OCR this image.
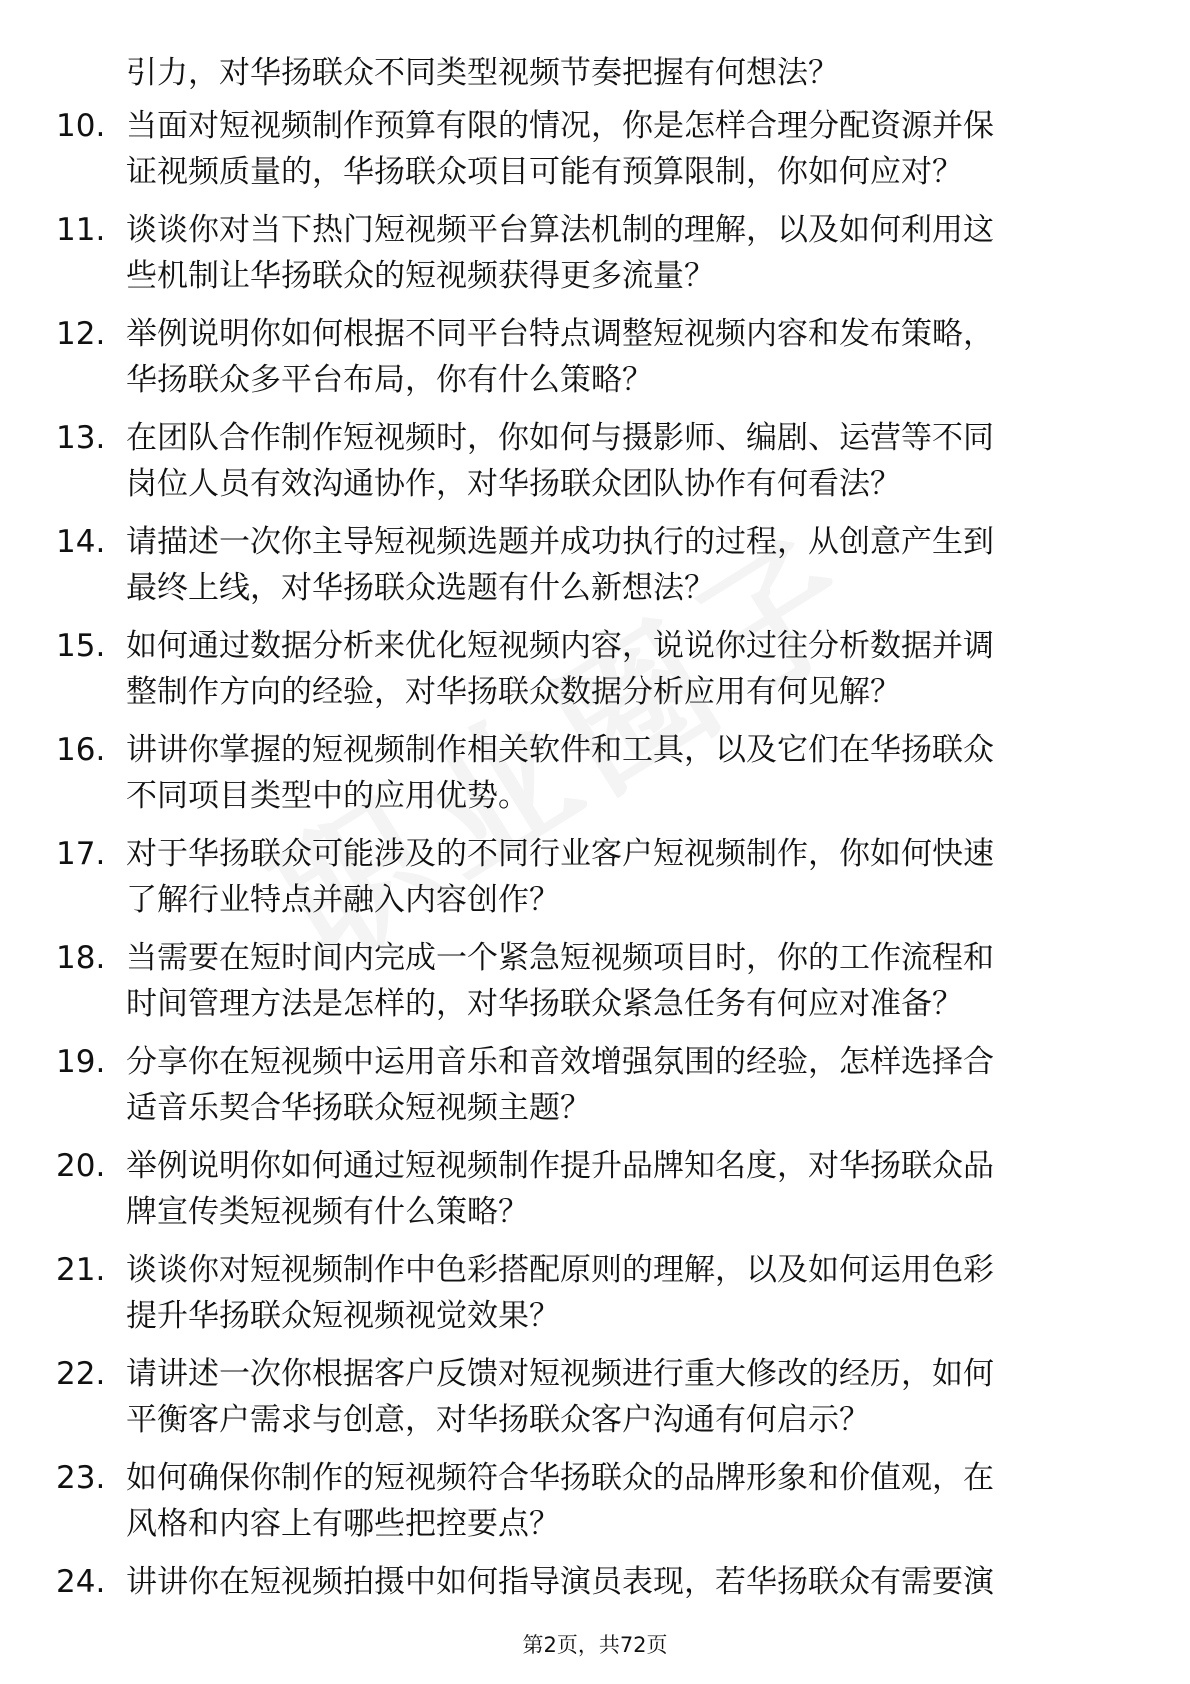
引力，对华扬联众不同类型视频节奏把握有何想法？
10. 当面对短视频制作预算有限的情况，你是怎样合理分配资源并保
证视频质量的，华扬联众项目可能有预算限制，你如何应对？
11. 谈谈你对当下热门短视频平台算法机制的理解，以及如何利用这
些机制让华扬联众的短视频获得更多流量？
12. 举例说明你如何根据不同平台特点调整短视频内容和发布策略，
华扬联众多平台布局，你有什么策略？
13. 在团队合作制作短视频时，你如何与摄影师、编剧、运营等不同
岗位人员有效沟通协作，对华扬联众团队协作有何看法？
14. 请描述一次你主导短视频选题并成功执行的过程，从创意产生到
最终上线，对华扬联众选题有什么新想法？
15. 如何通过数据分析来优化短视频内容，说说你过往分析数据并调
整制作方向的经验，对华扬联众数据分析应用有何见解？
16. 讲讲你掌握的短视频制作相关软件和工具，以及它们在华扬联众
不同项目类型中的应用优势。
17. 对于华扬联众可能涉及的不同行业客户短视频制作，你如何快速
了解行业特点并融入内容创作？
18. 当需要在短时间内完成一个紧急短视频项目时，你的工作流程和
时间管理方法是怎样的，对华扬联众紧急任务有何应对准备？
19. 分享你在短视频中运用音乐和音效增强氛围的经验，怎样选择合
适音乐契合华扬联众短视频主题？
20. 举例说明你如何通过短视频制作提升品牌知名度，对华扬联众品
牌宣传类短视频有什么策略？
21. 谈谈你对短视频制作中色彩搭配原则的理解，以及如何运用色彩
提升华扬联众短视频视觉效果？
22. 请讲述一次你根据客户反馈对短视频进行重大修改的经历，如何
平衡客户需求与创意，对华扬联众客户沟通有何启示？
23. 如何确保你制作的短视频符合华扬联众的品牌形象和价值观，在
风格和内容上有哪些把控要点？
24. 讲讲你在短视频拍摄中如何指导演员表现，若华扬联众有需要演
第2页，共72页
